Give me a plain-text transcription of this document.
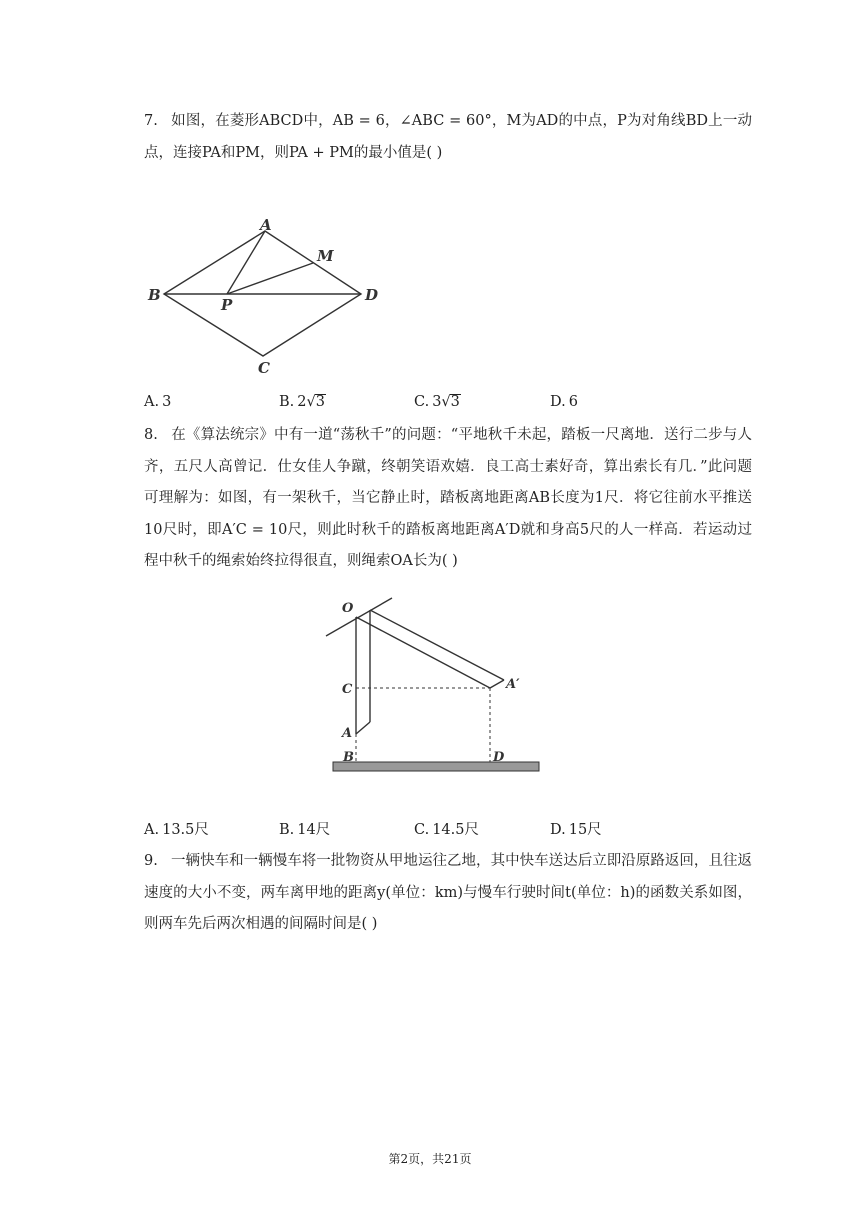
7. 如图，在菱形ABCD中，AB = 6，∠ABC = 60°，M为AD的中点，P为对角线BD上一动点，连接PA和PM，则PA + PM的最小值是( )

A
B
C
D
M
P
A. 3	B. 2√3	C. 3√3	D. 6

8. 在《算法统宗》中有一道“荡秋千”的问题：“平地秋千未起，踏板一尺离地．送行二步与人齐，五尺人高曾记．仕女佳人争蹴，终朝笑语欢嬉．良工高士素好奇，算出索长有几．”此问题可理解为：如图，有一架秋千，当它静止时，踏板离地距离AB长度为1尺．将它往前水平推送10尺时，即A′C = 10尺，则此时秋千的踏板离地距离A′D就和身高5尺的人一样高．若运动过程中秋千的绳索始终拉得很直，则绳索OA长为( )

O
C
A
B
A′
D
A. 13.5尺	B. 14尺	C. 14.5尺	D. 15尺

9. 一辆快车和一辆慢车将一批物资从甲地运往乙地，其中快车送达后立即沿原路返回，且往返速度的大小不变，两车离甲地的距离y(单位：km)与慢车行驶时间t(单位：h)的函数关系如图，则两车先后两次相遇的间隔时间是( )

第2页，共21页
